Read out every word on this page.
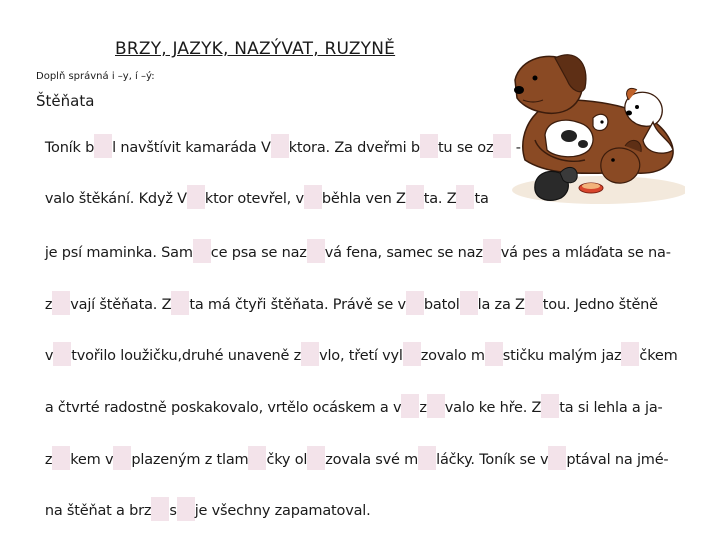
BRZY, JAZYK, NAZÝVAT, RUZYNĚ
Doplň správná i –y, í –ý:
Štěňata

Toník b l navštívit kamaráda V ktora. Za dveřmi b tu se oz -

valo štěkání. Když V ktor otevřel, v běhla ven Z ta. Z ta

je psí maminka. Sam ce psa se naz vá fena, samec se naz vá pes a mláďata se na-

z vají štěňata. Z ta má čtyři štěňata. Právě se v batol la za Z tou. Jedno štěně

v tvořilo loužičku,druhé unaveně z vlo, třetí vyl zovalo m stičku malým jaz čkem

a čtvrté radostně poskakovalo, vrtělo ocáskem a v z valo ke hře. Z ta si lehla a ja-

z kem v plazeným z tlam čky ol zovala své m láčky. Toník se v ptával na jmé-

na štěňat a brz s je všechny zapamatoval.
